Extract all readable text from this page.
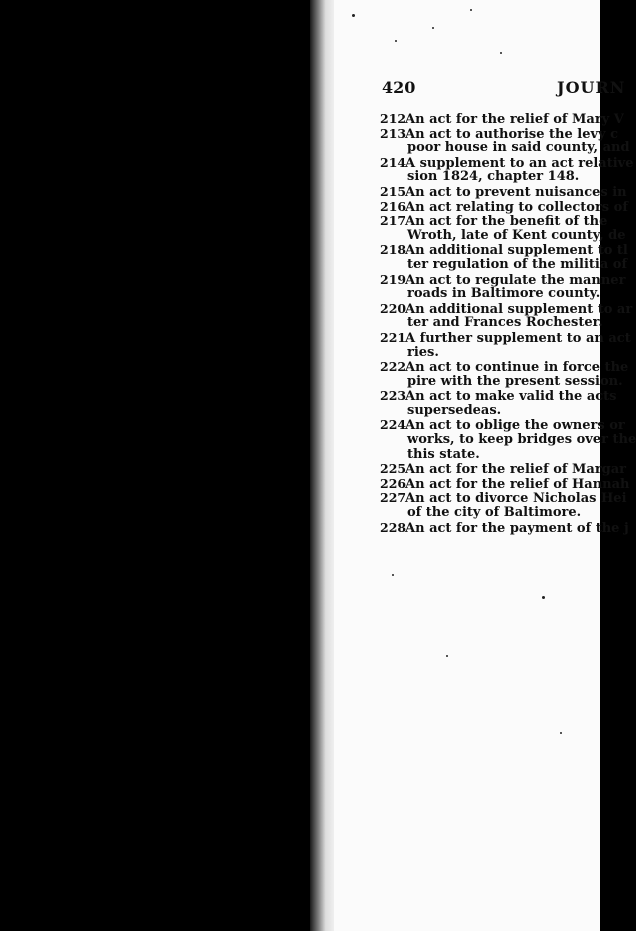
420	JOURN
212An act for the relief of Mary V
213An act to authorise the levy c
poor house in said county, and
214A supplement to an act relative
sion 1824, chapter 148.
215An act to prevent nuisances in
216An act relating to collectors of
217An act for the benefit of the
Wroth, late of Kent county, de
218An additional supplement to tl
ter regulation of the militia of
219An act to regulate the manner
roads in Baltimore county.
220An additional supplement to ar
ter and Frances Rochester.
221A further supplement to an act
ries.
222An act to continue in force the
pire with the present session.
223An act to make valid the acts
supersedeas.
224An act to oblige the owners or
works, to keep bridges over the
this state.
225An act for the relief of Margar
226An act for the relief of Hannah
227An act to divorce Nicholas Hei
of the city of Baltimore.
228An act for the payment of the j
